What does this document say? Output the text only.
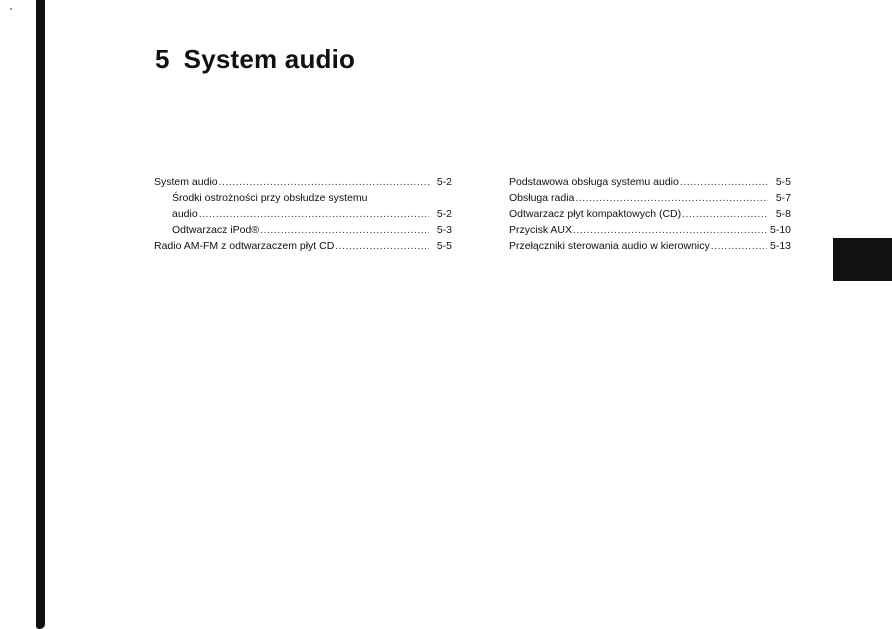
5 System audio
System audio .....	5-2
Środki ostrożności przy obsłudze systemu
audio .....	5-2
Odtwarzacz iPod® .....	5-3
Radio AM-FM z odtwarzaczem płyt CD .....	5-5
Podstawowa obsługa systemu audio .....	5-5
Obsługa radia .....	5-7
Odtwarzacz płyt kompaktowych (CD) .....	5-8
Przycisk AUX .....	5-10
Przełączniki sterowania audio w kierownicy .....	5-13
